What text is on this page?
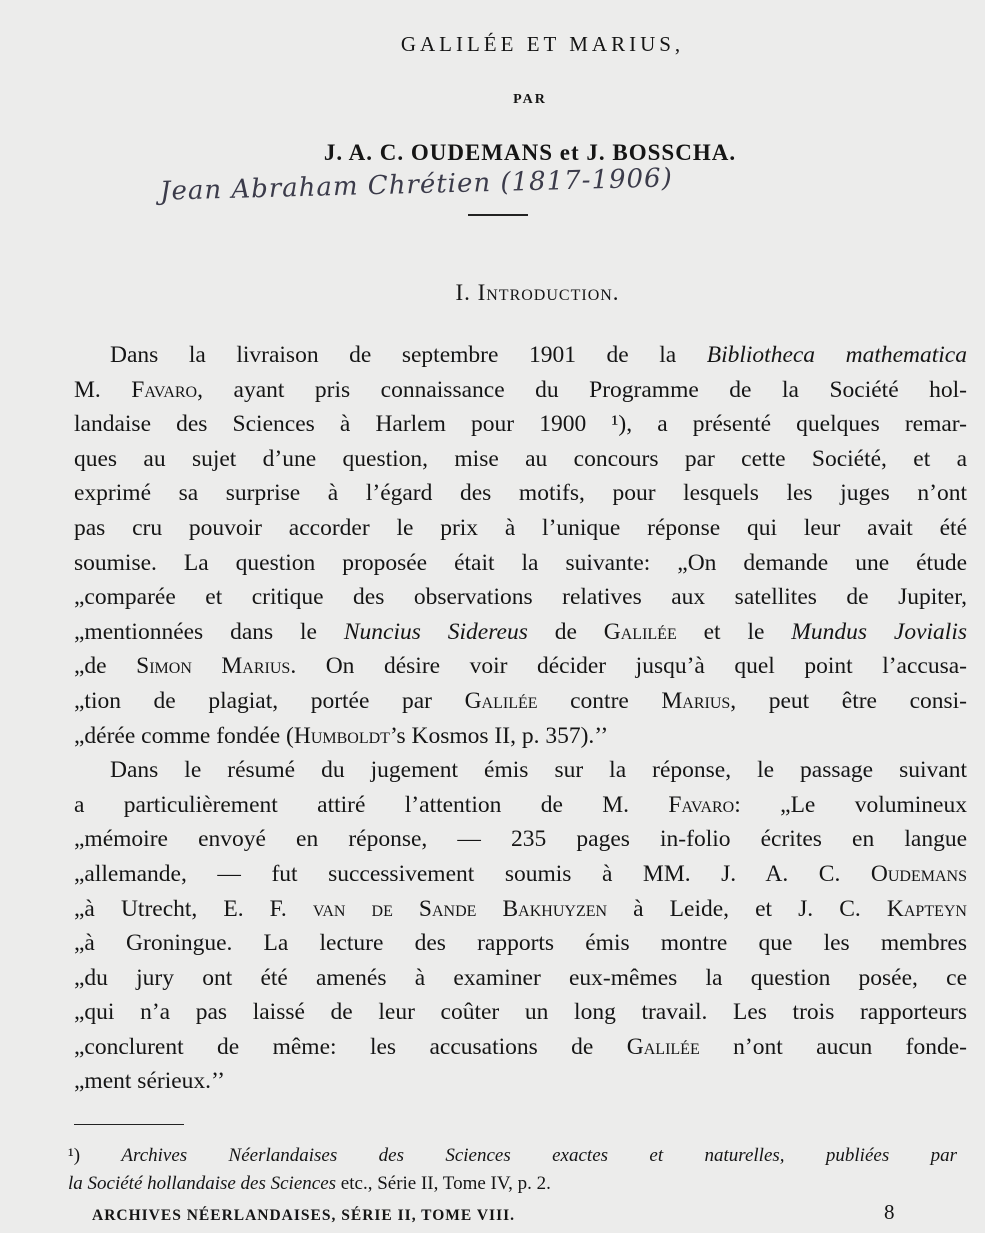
GALILÉE ET MARIUS,
PAR
J. A. C. OUDEMANS et J. BOSSCHA.
Jean Abraham Chrétien (1817-1906)
I. Introduction.
Dans la livraison de septembre 1901 de la Bibliotheca mathematica
M. Favaro, ayant pris connaissance du Programme de la Société hol-
landaise des Sciences à Harlem pour 1900 ¹), a présenté quelques remar-
ques au sujet d’une question, mise au concours par cette Société, et a
exprimé sa surprise à l’égard des motifs, pour lesquels les juges n’ont
pas cru pouvoir accorder le prix à l’unique réponse qui leur avait été
soumise. La question proposée était la suivante: „On demande une étude
„comparée et critique des observations relatives aux satellites de Jupiter,
„mentionnées dans le Nuncius Sidereus de Galilée et le Mundus Jovialis
„de Simon Marius. On désire voir décider jusqu’à quel point l’accusa-
„tion de plagiat, portée par Galilée contre Marius, peut être consi-
„dérée comme fondée (Humboldt’s Kosmos II, p. 357).’’
Dans le résumé du jugement émis sur la réponse, le passage suivant
a particulièrement attiré l’attention de M. Favaro: „Le volumineux
„mémoire envoyé en réponse, — 235 pages in-folio écrites en langue
„allemande, — fut successivement soumis à MM. J. A. C. Oudemans
„à Utrecht, E. F. van de Sande Bakhuyzen à Leide, et J. C. Kapteyn
„à Groningue. La lecture des rapports émis montre que les membres
„du jury ont été amenés à examiner eux-mêmes la question posée, ce
„qui n’a pas laissé de leur coûter un long travail. Les trois rapporteurs
„conclurent de même: les accusations de Galilée n’ont aucun fonde-
„ment sérieux.’’
¹) Archives Néerlandaises des Sciences exactes et naturelles, publiées par
la Société hollandaise des Sciences etc., Série II, Tome IV, p. 2.
ARCHIVES NÉERLANDAISES, SÉRIE II, TOME VIII.	8
